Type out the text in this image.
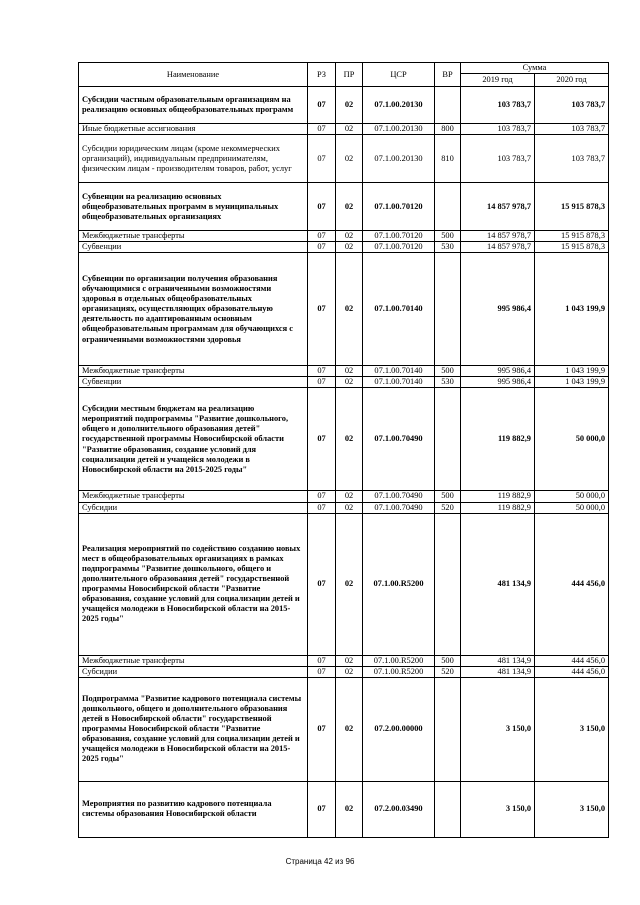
Наименование	РЗ	ПР	ЦСР	ВР	Сумма	
					2019 год	2020 год
Субсидии частным образовательным организациям на реализацию основных общеобразовательных программ	07	02	07.1.00.20130		103 783,7	103 783,7
Иные бюджетные ассигнования	07	02	07.1.00.20130	800	103 783,7	103 783,7
Субсидии юридическим лицам (кроме некоммерческих организаций), индивидуальным предпринимателям, физическим лицам - производителям товаров, работ, услуг	07	02	07.1.00.20130	810	103 783,7	103 783,7
Субвенции на реализацию основных общеобразовательных программ в муниципальных общеобразовательных организациях	07	02	07.1.00.70120		14 857 978,7	15 915 878,3
Межбюджетные трансферты	07	02	07.1.00.70120	500	14 857 978,7	15 915 878,3
Субвенции	07	02	07.1.00.70120	530	14 857 978,7	15 915 878,3
Субвенции по организации получения образования обучающимися с ограниченными возможностями здоровья в отдельных общеобразовательных организациях, осуществляющих образовательную деятельность по адаптированным основным общеобразовательным программам для обучающихся с ограниченными возможностями здоровья	07	02	07.1.00.70140		995 986,4	1 043 199,9
Межбюджетные трансферты	07	02	07.1.00.70140	500	995 986,4	1 043 199,9
Субвенции	07	02	07.1.00.70140	530	995 986,4	1 043 199,9
Субсидии местным бюджетам на реализацию мероприятий подпрограммы "Развитие дошкольного, общего и дополнительного образования детей" государственной программы Новосибирской области "Развитие образования, создание условий для социализации детей и учащейся молодежи в Новосибирской области на 2015-2025 годы"	07	02	07.1.00.70490		119 882,9	50 000,0
Межбюджетные трансферты	07	02	07.1.00.70490	500	119 882,9	50 000,0
Субсидии	07	02	07.1.00.70490	520	119 882,9	50 000,0
Реализация мероприятий по содействию созданию новых мест в общеобразовательных организациях в рамках подпрограммы "Развитие дошкольного, общего и дополнительного образования детей" государственной программы Новосибирской области "Развитие образования, создание условий для социализации детей и учащейся молодежи в Новосибирской области на 2015-2025 годы"	07	02	07.1.00.R5200		481 134,9	444 456,0
Межбюджетные трансферты	07	02	07.1.00.R5200	500	481 134,9	444 456,0
Субсидии	07	02	07.1.00.R5200	520	481 134,9	444 456,0
Подпрограмма "Развитие кадрового потенциала системы дошкольного, общего и дополнительного образования детей в Новосибирской области" государственной программы Новосибирской области "Развитие образования, создание условий для социализации детей и учащейся молодежи в Новосибирской области на 2015-2025 годы"	07	02	07.2.00.00000		3 150,0	3 150,0
Мероприятия по развитию кадрового потенциала системы образования Новосибирской области	07	02	07.2.00.03490		3 150,0	3 150,0
Страница 42 из 96
